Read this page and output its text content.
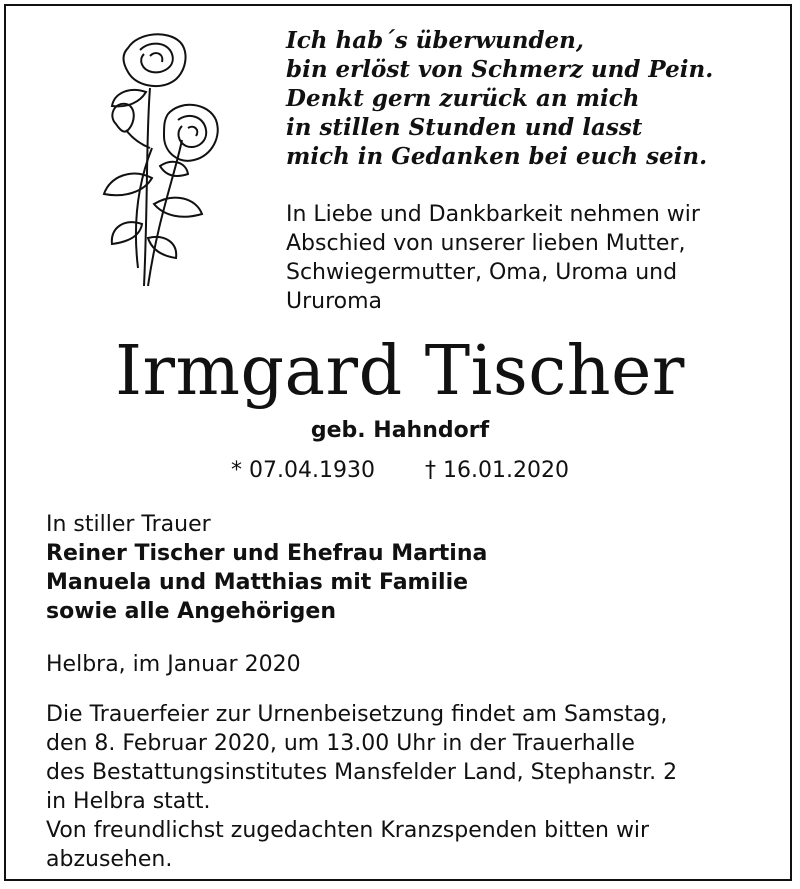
Ich hab´s überwunden,
bin erlöst von Schmerz und Pein.
Denkt gern zurück an mich
in stillen Stunden und lasst
mich in Gedanken bei euch sein.
In Liebe und Dankbarkeit nehmen wir
Abschied von unserer lieben Mutter,
Schwiegermutter, Oma, Uroma und
Ururoma
Irmgard Tischer
geb. Hahndorf
* 07.04.1930 † 16.01.2020
In stiller Trauer
Reiner Tischer und Ehefrau Martina
Manuela und Matthias mit Familie
sowie alle Angehörigen
Helbra, im Januar 2020
Die Trauerfeier zur Urnenbeisetzung findet am Samstag,
den 8. Februar 2020, um 13.00 Uhr in der Trauerhalle
des Bestattungsinstitutes Mansfelder Land, Stephanstr. 2
in Helbra statt.
Von freundlichst zugedachten Kranzspenden bitten wir
abzusehen.
